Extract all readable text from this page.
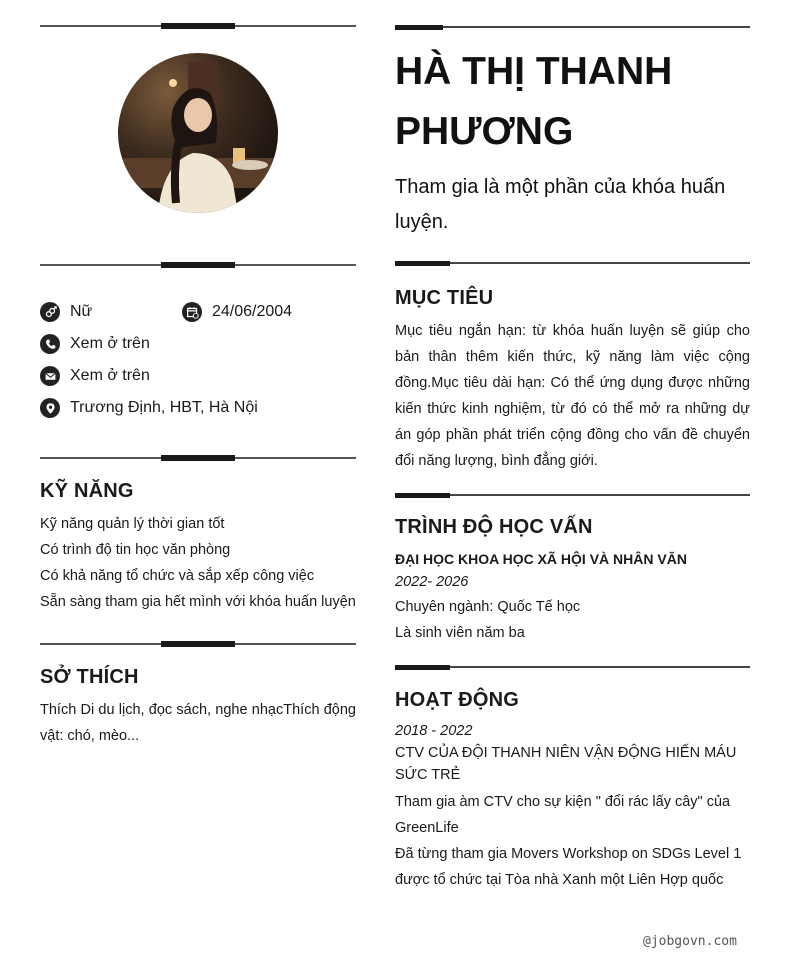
Nữ	24/06/2004
Xem ở trên
Xem ở trên
Trương Định, HBT, Hà Nội
KỸ NĂNG
Kỹ năng quản lý thời gian tốt
Có trình độ tin học văn phòng
Có khả năng tổ chức và sắp xếp công việc
Sẵn sàng tham gia hết mình với khóa huấn luyện
SỞ THÍCH
Thích Di du lịch, đọc sách, nghe nhạcThích động vật: chó, mèo...
HÀ THỊ THANH PHƯƠNG
Tham gia là một phần của khóa huấn luyện.
MỤC TIÊU
Mục tiêu ngắn hạn: từ khóa huấn luyện sẽ giúp cho bản thân thêm kiến thức, kỹ năng làm việc cộng đồng.Mục tiêu dài hạn: Có thể ứng dụng được những kiến thức kinh nghiệm, từ đó có thể mở ra những dự án góp phần phát triển cộng đồng cho vấn đề chuyển đổi năng lượng, bình đẳng giới.
TRÌNH ĐỘ HỌC VẤN
ĐẠI HỌC KHOA HỌC XÃ HỘI VÀ NHÂN VĂN
2022- 2026
Chuyên ngành: Quốc Tế học
Là sinh viên năm ba
HOẠT ĐỘNG
2018 - 2022
CTV CỦA ĐỘI THANH NIÊN VẬN ĐỘNG HIẾN MÁU SỨC TRẺ
Tham gia àm CTV cho sự kiện " đổi rác lấy cây" của GreenLife
Đã từng tham gia Movers Workshop on SDGs Level 1 được tổ chức tại Tòa nhà Xanh một Liên Hợp quốc
@jobgovn.com
